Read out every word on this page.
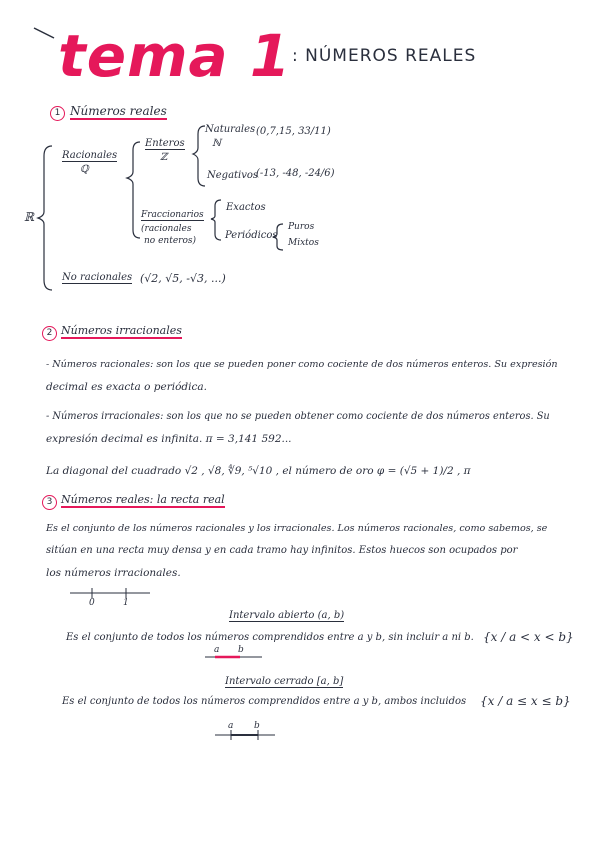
tema 1 : NÚMEROS REALES
1 Números reales
ℝ
Racionales
ℚ
Enteros
ℤ
Naturales
ℕ
(0,7,15, 33/11)
Negativos
(-13, -48, -24/6)
Fraccionarios
(racionales
no enteros)
Exactos
Periódicos
Puros
Mixtos
No racionales (√2, √5, -√3, ...)
2 Números irracionales
- Números racionales: son los que se pueden poner como cociente de dos números enteros. Su expresión
decimal es exacta o periódica.
- Números irracionales: son los que no se pueden obtener como cociente de dos números enteros. Su
expresión decimal es infinita. π = 3,141 592...
La diagonal del cuadrado √2 , √8, ∜9, ⁵√10 , el número de oro φ = (√5 + 1)/2 , π
3 Números reales: la recta real
Es el conjunto de los números racionales y los irracionales. Los números racionales, como sabemos, se
sitúan en una recta muy densa y en cada tramo hay infinitos. Estos huecos son ocupados por
los números irracionales.
0	1
Intervalo abierto (a, b)
Es el conjunto de todos los números comprendidos entre a y b, sin incluir a ni b. {x / a < x < b}
a b
Intervalo cerrado [a, b]
Es el conjunto de todos los números comprendidos entre a y b, ambos incluidos {x / a ≤ x ≤ b}
a b
